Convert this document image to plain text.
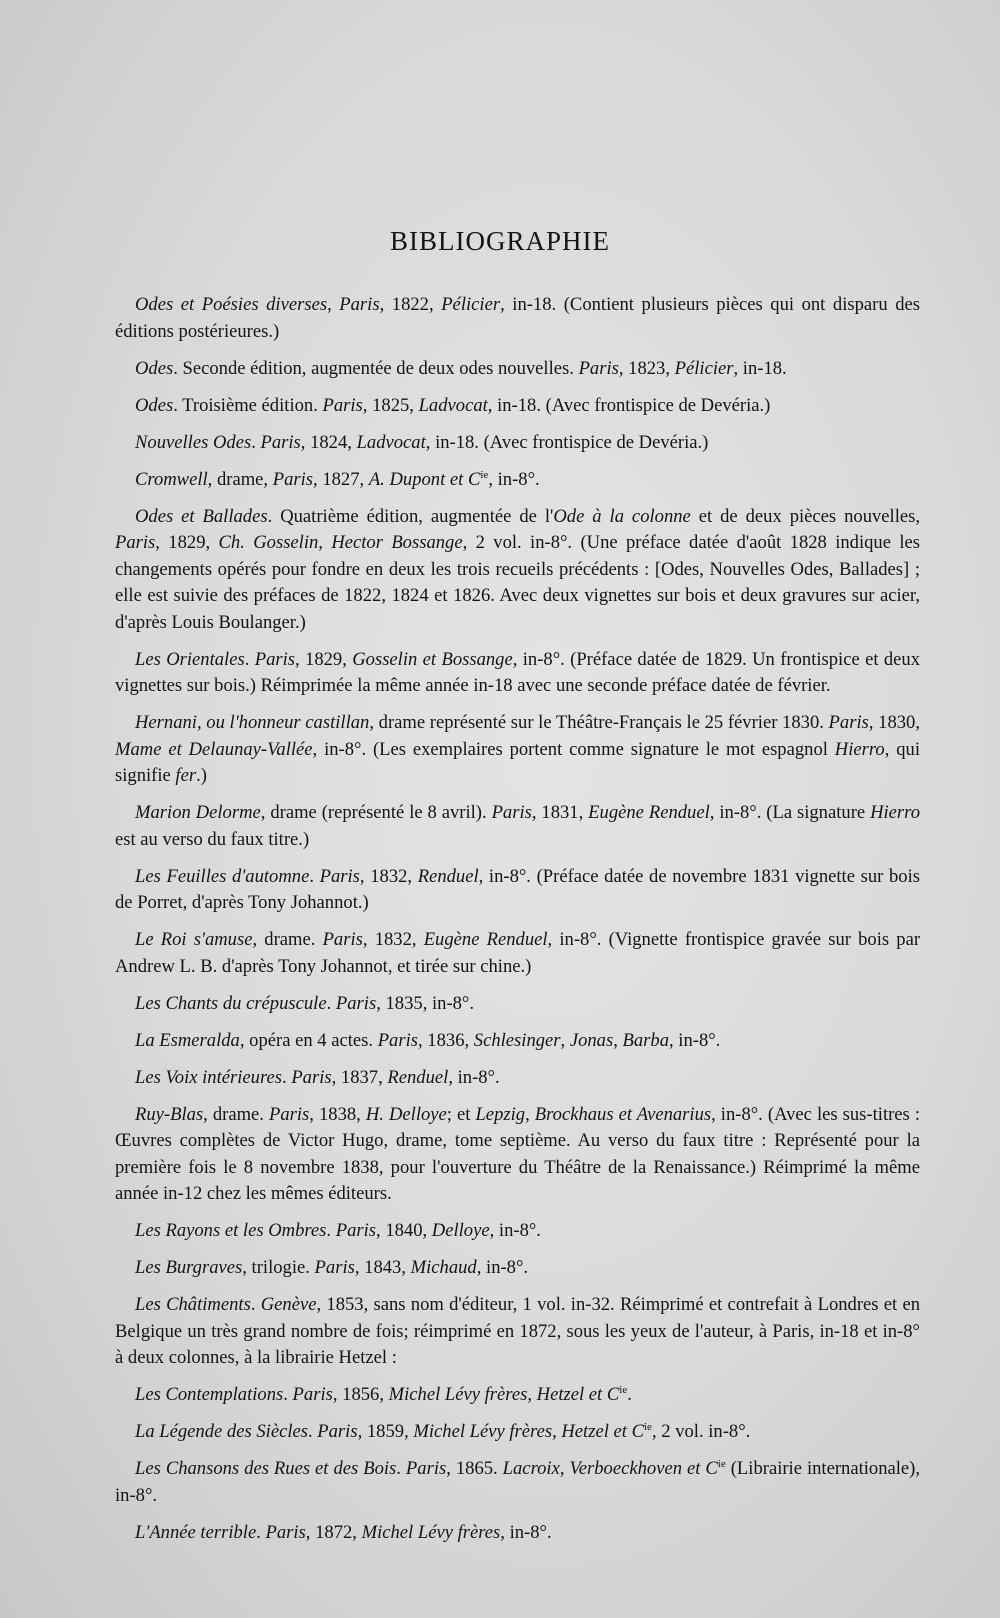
BIBLIOGRAPHIE

Odes et Poésies diverses, Paris, 1822, Pélicier, in-18. (Contient plusieurs pièces qui ont disparu des éditions postérieures.)

Odes. Seconde édition, augmentée de deux odes nouvelles. Paris, 1823, Pélicier, in-18.

Odes. Troisième édition. Paris, 1825, Ladvocat, in-18. (Avec frontispice de Devéria.)

Nouvelles Odes. Paris, 1824, Ladvocat, in-18. (Avec frontispice de Devéria.)

Cromwell, drame, Paris, 1827, A. Dupont et $C^{ie}$, in-8°.

Odes et Ballades. Quatrième édition, augmentée de l'Ode à la colonne et de deux pièces nouvelles, Paris, 1829, Ch. Gosselin, Hector Bossange, 2 vol. in-8°. (Une préface datée d'août 1828 indique les changements opérés pour fondre en deux les trois recueils précédents : [Odes, Nouvelles Odes, Ballades] ; elle est suivie des préfaces de 1822, 1824 et 1826. Avec deux vignettes sur bois et deux gravures sur acier, d'après Louis Boulanger.)

Les Orientales. Paris, 1829, Gosselin et Bossange, in-8°. (Préface datée de 1829. Un frontispice et deux vignettes sur bois.) Réimprimée la même année in-18 avec une seconde préface datée de février.

Hernani, ou l'honneur castillan, drame représenté sur le Théâtre-Français le 25 février 1830. Paris, 1830, Mame et Delaunay-Vallée, in-8°. (Les exemplaires portent comme signature le mot espagnol Hierro, qui signifie fer.)

Marion Delorme, drame (représenté le 8 avril). Paris, 1831, Eugène Renduel, in-8°. (La signature Hierro est au verso du faux titre.)

Les Feuilles d'automne. Paris, 1832, Renduel, in-8°. (Préface datée de novembre 1831 vignette sur bois de Porret, d'après Tony Johannot.)

Le Roi s'amuse, drame. Paris, 1832, Eugène Renduel, in-8°. (Vignette frontispice gravée sur bois par Andrew L. B. d'après Tony Johannot, et tirée sur chine.)

Les Chants du crépuscule. Paris, 1835, in-8°.

La Esmeralda, opéra en 4 actes. Paris, 1836, Schlesinger, Jonas, Barba, in-8°.

Les Voix intérieures. Paris, 1837, Renduel, in-8°.

Ruy-Blas, drame. Paris, 1838, H. Delloye; et Lepzig, Brockhaus et Avenarius, in-8°. (Avec les sus-titres : Œuvres complètes de Victor Hugo, drame, tome septième. Au verso du faux titre : Représenté pour la première fois le 8 novembre 1838, pour l'ouverture du Théâtre de la Renaissance.) Réimprimé la même année in-12 chez les mêmes éditeurs.

Les Rayons et les Ombres. Paris, 1840, Delloye, in-8°.

Les Burgraves, trilogie. Paris, 1843, Michaud, in-8°.

Les Châtiments. Genève, 1853, sans nom d'éditeur, 1 vol. in-32. Réimprimé et contrefait à Londres et en Belgique un très grand nombre de fois; réimprimé en 1872, sous les yeux de l'auteur, à Paris, in-18 et in-8° à deux colonnes, à la librairie Hetzel :

Les Contemplations. Paris, 1856, Michel Lévy frères, Hetzel et $C^{ie}$.

La Légende des Siècles. Paris, 1859, Michel Lévy frères, Hetzel et $C^{ie}$, 2 vol. in-8°.

Les Chansons des Rues et des Bois. Paris, 1865. Lacroix, Verboeckhoven et $C^{ie}$ (Librairie internationale), in-8°.

L'Année terrible. Paris, 1872, Michel Lévy frères, in-8°.
